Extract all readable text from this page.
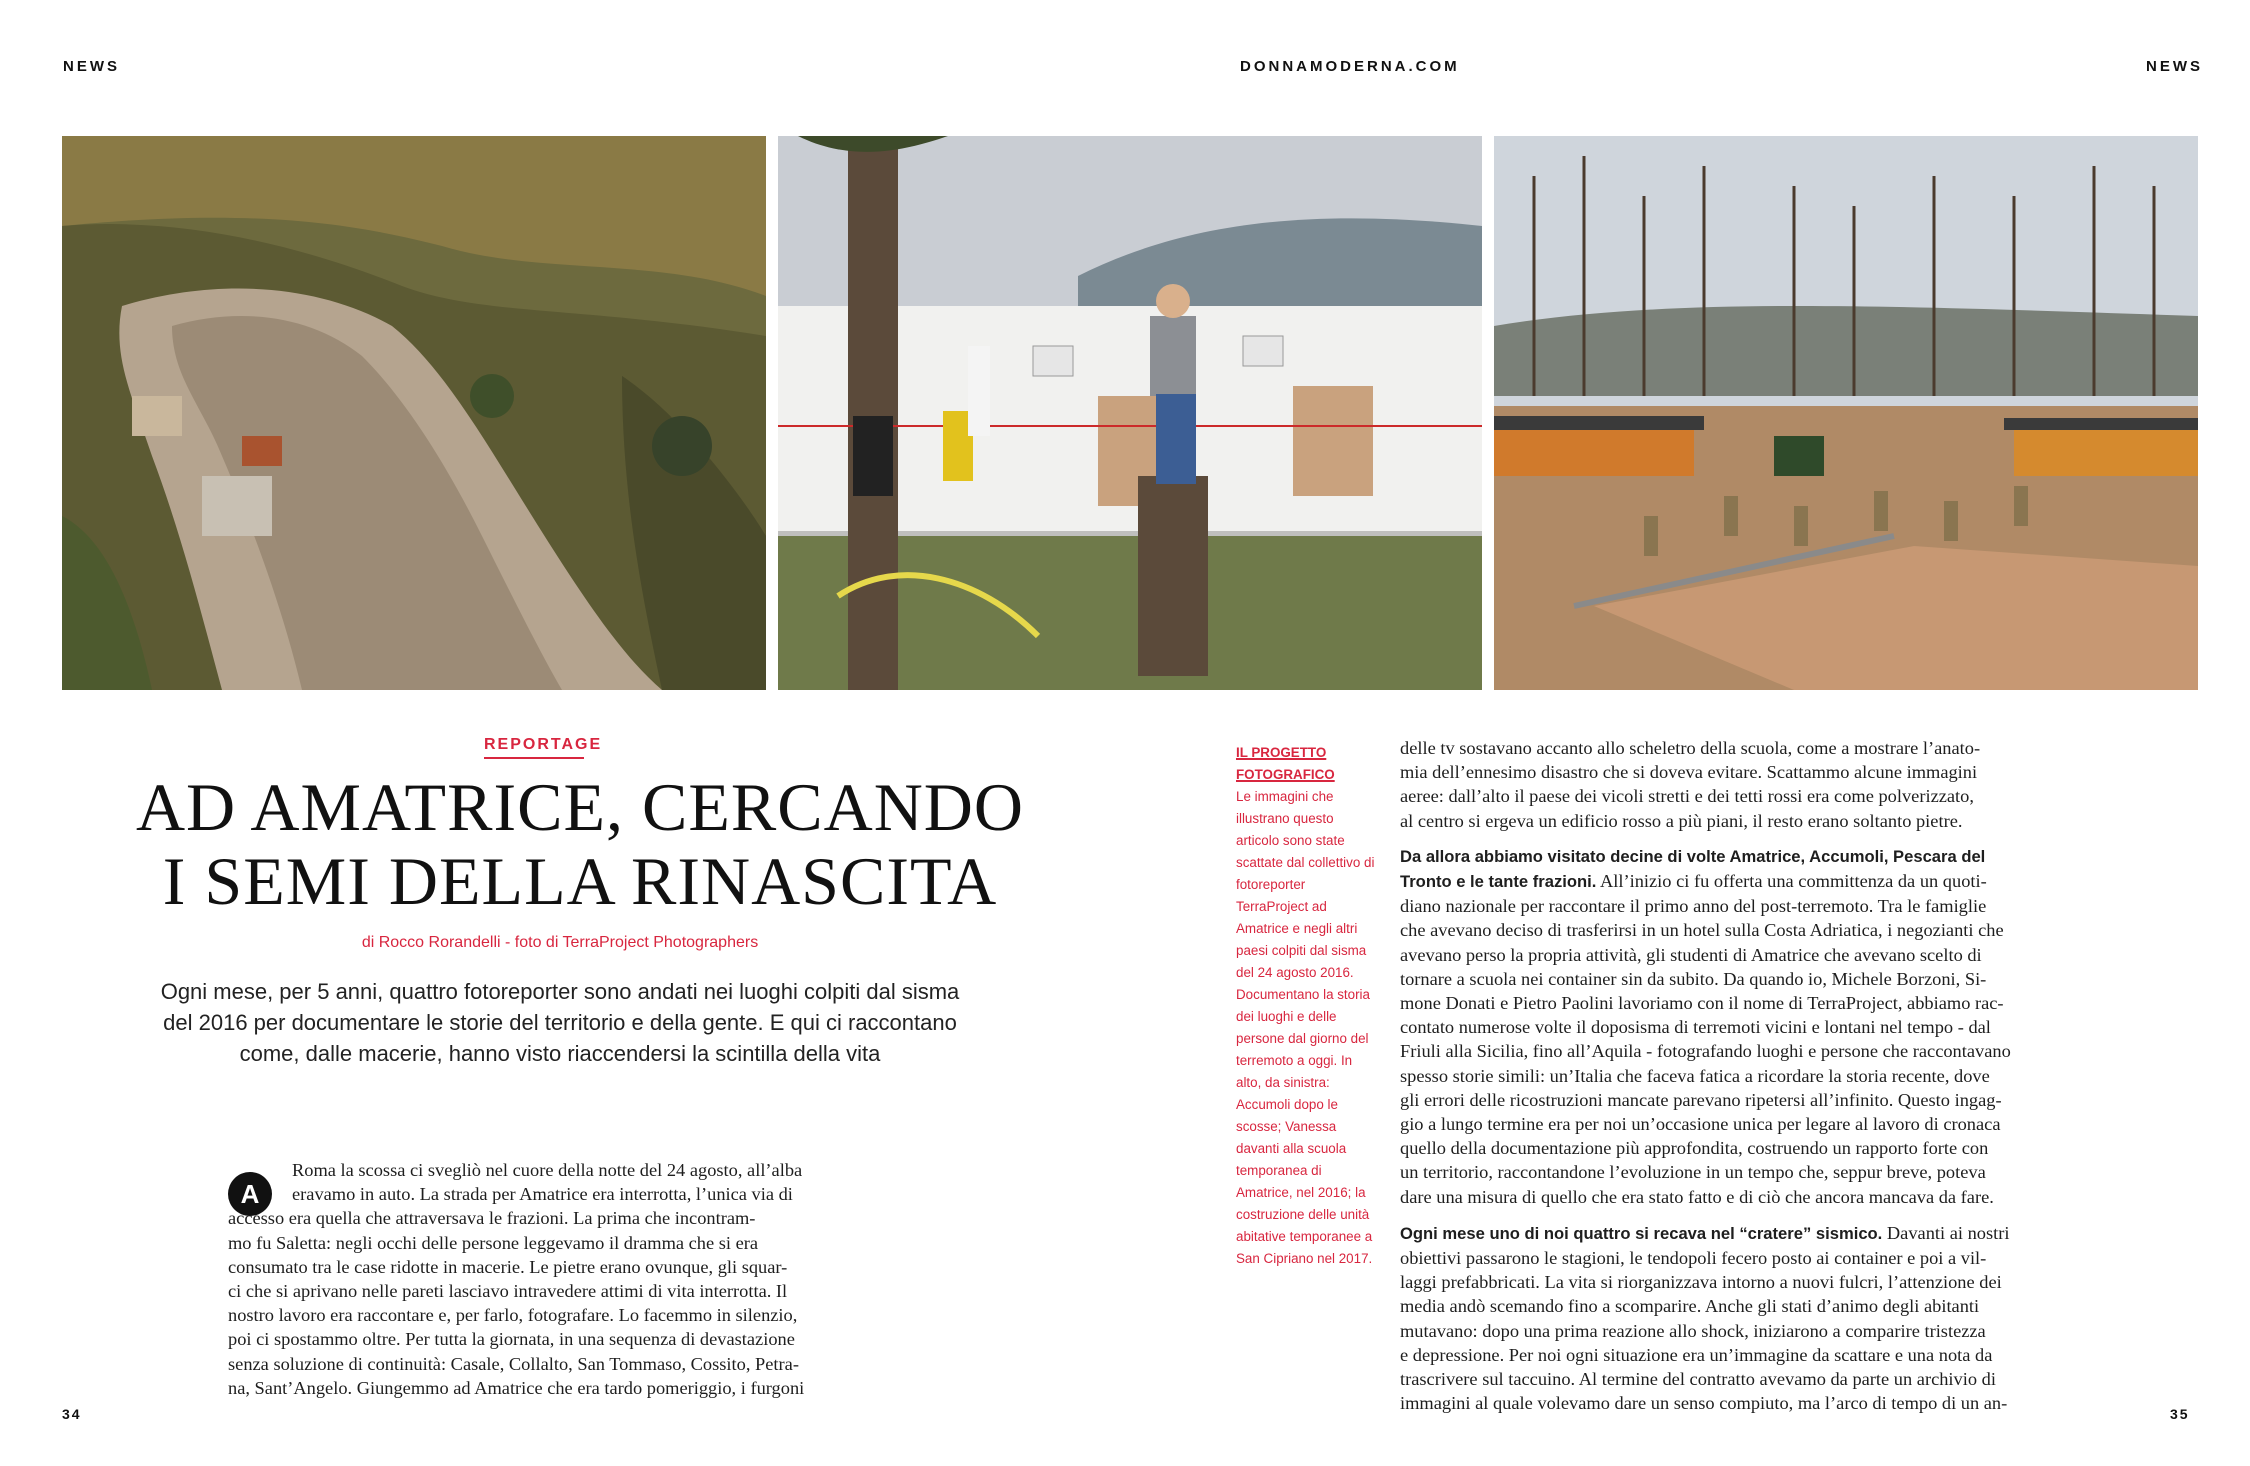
NEWS	DONNAMODERNA.COM	NEWS
REPORTAGE
AD AMATRICE, CERCANDO
I SEMI DELLA RINASCITA
di Rocco Rorandelli - foto di TerraProject Photographers
Ogni mese, per 5 anni, quattro fotoreporter sono andati nei luoghi colpiti dal sisma del 2016 per documentare le storie del territorio e della gente. E qui ci raccontano come, dalle macerie, hanno visto riaccendersi la scintilla della vita
A
Roma la scossa ci svegliò nel cuore della notte del 24 agosto, all’alba
eravamo in auto. La strada per Amatrice era interrotta, l’unica via di
accesso era quella che attraversava le frazioni. La prima che incontram-
mo fu Saletta: negli occhi delle persone leggevamo il dramma che si era
consumato tra le case ridotte in macerie. Le pietre erano ovunque, gli squar-
ci che si aprivano nelle pareti lasciavo intravedere attimi di vita interrotta. Il
nostro lavoro era raccontare e, per farlo, fotografare. Lo facemmo in silenzio,
poi ci spostammo oltre. Per tutta la giornata, in una sequenza di devastazione
senza soluzione di continuità: Casale, Collalto, San Tommaso, Cossito, Petra-
na, Sant’Angelo. Giungemmo ad Amatrice che era tardo pomeriggio, i furgoni
IL PROGETTO
FOTOGRAFICO
Le immagini che illustrano questo articolo sono state scattate dal collettivo di fotoreporter TerraProject ad Amatrice e negli altri paesi colpiti dal sisma del 24 agosto 2016. Documentano la storia dei luoghi e delle persone dal giorno del terremoto a oggi. In alto, da sinistra: Accumoli dopo le scosse; Vanessa davanti alla scuola temporanea di Amatrice, nel 2016; la costruzione delle unità abitative temporanee a San Cipriano nel 2017.

delle tv sostavano accanto allo scheletro della scuola, come a mostrare l’anato-
mia dell’ennesimo disastro che si doveva evitare. Scattammo alcune immagini
aeree: dall’alto il paese dei vicoli stretti e dei tetti rossi era come polverizzato,
al centro si ergeva un edificio rosso a più piani, il resto erano soltanto pietre.

Da allora abbiamo visitato decine di volte Amatrice, Accumoli, Pescara del
Tronto e le tante frazioni. All’inizio ci fu offerta una committenza da un quoti-
diano nazionale per raccontare il primo anno del post-terremoto. Tra le famiglie
che avevano deciso di trasferirsi in un hotel sulla Costa Adriatica, i negozianti che
avevano perso la propria attività, gli studenti di Amatrice che avevano scelto di
tornare a scuola nei container sin da subito. Da quando io, Michele Borzoni, Si-
mone Donati e Pietro Paolini lavoriamo con il nome di TerraProject, abbiamo rac-
contato numerose volte il doposisma di terremoti vicini e lontani nel tempo - dal
Friuli alla Sicilia, fino all’Aquila - fotografando luoghi e persone che raccontavano
spesso storie simili: un’Italia che faceva fatica a ricordare la storia recente, dove
gli errori delle ricostruzioni mancate parevano ripetersi all’infinito. Questo ingag-
gio a lungo termine era per noi un’occasione unica per legare al lavoro di cronaca
quello della documentazione più approfondita, costruendo un rapporto forte con
un territorio, raccontandone l’evoluzione in un tempo che, seppur breve, poteva
dare una misura di quello che era stato fatto e di ciò che ancora mancava da fare.

Ogni mese uno di noi quattro si recava nel “cratere” sismico. Davanti ai nostri
obiettivi passarono le stagioni, le tendopoli fecero posto ai container e poi a vil-
laggi prefabbricati. La vita si riorganizzava intorno a nuovi fulcri, l’attenzione dei
media andò scemando fino a scomparire. Anche gli stati d’animo degli abitanti
mutavano: dopo una prima reazione allo shock, iniziarono a comparire tristezza
e depressione. Per noi ogni situazione era un’immagine da scattare e una nota da
trascrivere sul taccuino. Al termine del contratto avevamo da parte un archivio di
immagini al quale volevamo dare un senso compiuto, ma l’arco di tempo di un an-

34	35
